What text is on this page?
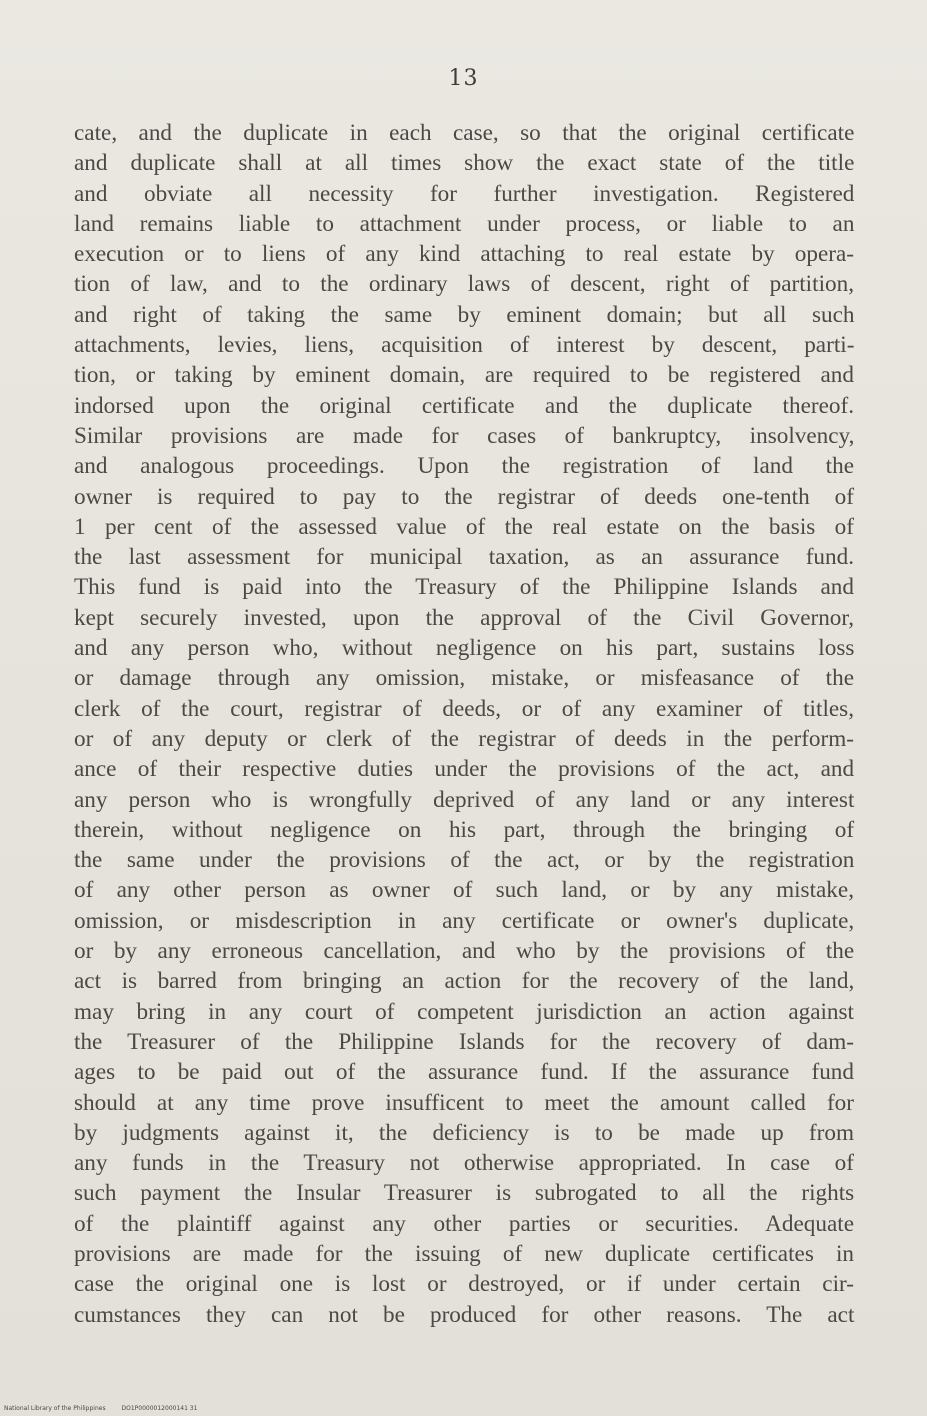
13
cate, and the duplicate in each case, so that the original certificate
and duplicate shall at all times show the exact state of the title
and obviate all necessity for further investigation. Registered
land remains liable to attachment under process, or liable to an
execution or to liens of any kind attaching to real estate by opera-
tion of law, and to the ordinary laws of descent, right of partition,
and right of taking the same by eminent domain; but all such
attachments, levies, liens, acquisition of interest by descent, parti-
tion, or taking by eminent domain, are required to be registered and
indorsed upon the original certificate and the duplicate thereof.
Similar provisions are made for cases of bankruptcy, insolvency,
and analogous proceedings. Upon the registration of land the
owner is required to pay to the registrar of deeds one-tenth of
1 per cent of the assessed value of the real estate on the basis of
the last assessment for municipal taxation, as an assurance fund.
This fund is paid into the Treasury of the Philippine Islands and
kept securely invested, upon the approval of the Civil Governor,
and any person who, without negligence on his part, sustains loss
or damage through any omission, mistake, or misfeasance of the
clerk of the court, registrar of deeds, or of any examiner of titles,
or of any deputy or clerk of the registrar of deeds in the perform-
ance of their respective duties under the provisions of the act, and
any person who is wrongfully deprived of any land or any interest
therein, without negligence on his part, through the bringing of
the same under the provisions of the act, or by the registration
of any other person as owner of such land, or by any mistake,
omission, or misdescription in any certificate or owner's duplicate,
or by any erroneous cancellation, and who by the provisions of the
act is barred from bringing an action for the recovery of the land,
may bring in any court of competent jurisdiction an action against
the Treasurer of the Philippine Islands for the recovery of dam-
ages to be paid out of the assurance fund. If the assurance fund
should at any time prove insufficent to meet the amount called for
by judgments against it, the deficiency is to be made up from
any funds in the Treasury not otherwise appropriated. In case of
such payment the Insular Treasurer is subrogated to all the rights
of the plaintiff against any other parties or securities. Adequate
provisions are made for the issuing of new duplicate certificates in
case the original one is lost or destroyed, or if under certain cir-
cumstances they can not be produced for other reasons. The act
National Library of the Philippines	DO1P0000012000141 31
